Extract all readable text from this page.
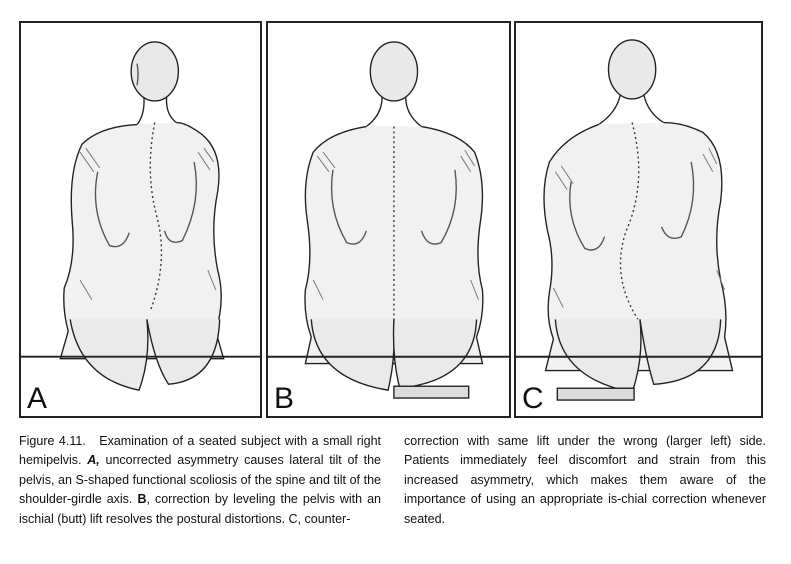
A	B	C
Figure 4.11. Examination of a seated subject with a small right hemipelvis. A, uncorrected asymmetry causes lateral tilt of the pelvis, an S-shaped functional scoliosis of the spine and tilt of the shoulder-girdle axis. B, correction by leveling the pelvis with an ischial (butt) lift resolves the postural distortions. C, counter-
correction with same lift under the wrong (larger left) side. Patients immediately feel discomfort and strain from this increased asymmetry, which makes them aware of the importance of using an appropriate is-chial correction whenever seated.
